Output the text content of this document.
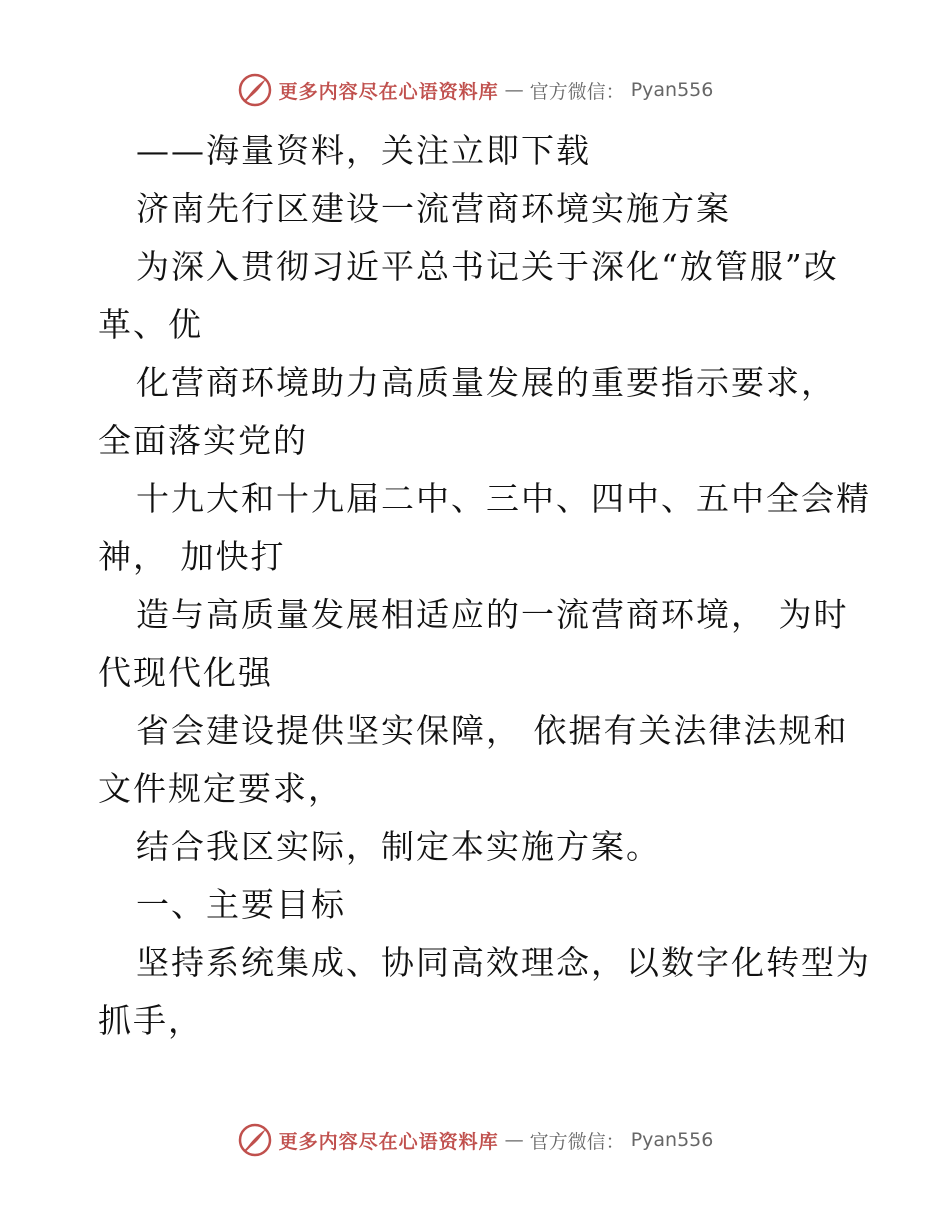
更多内容尽在心语资料库 — 官方微信： Pyan556
——海量资料，关注立即下载
济南先行区建设一流营商环境实施方案
为深入贯彻习近平总书记关于深化“放管服”改
革、优
化营商环境助力高质量发展的重要指示要求，
全面落实党的
十九大和十九届二中、三中、四中、五中全会精
神， 加快打
造与高质量发展相适应的一流营商环境， 为时
代现代化强
省会建设提供坚实保障， 依据有关法律法规和
文件规定要求，
结合我区实际，制定本实施方案。
一、主要目标
坚持系统集成、协同高效理念，以数字化转型为
抓手，
更多内容尽在心语资料库 — 官方微信： Pyan556
